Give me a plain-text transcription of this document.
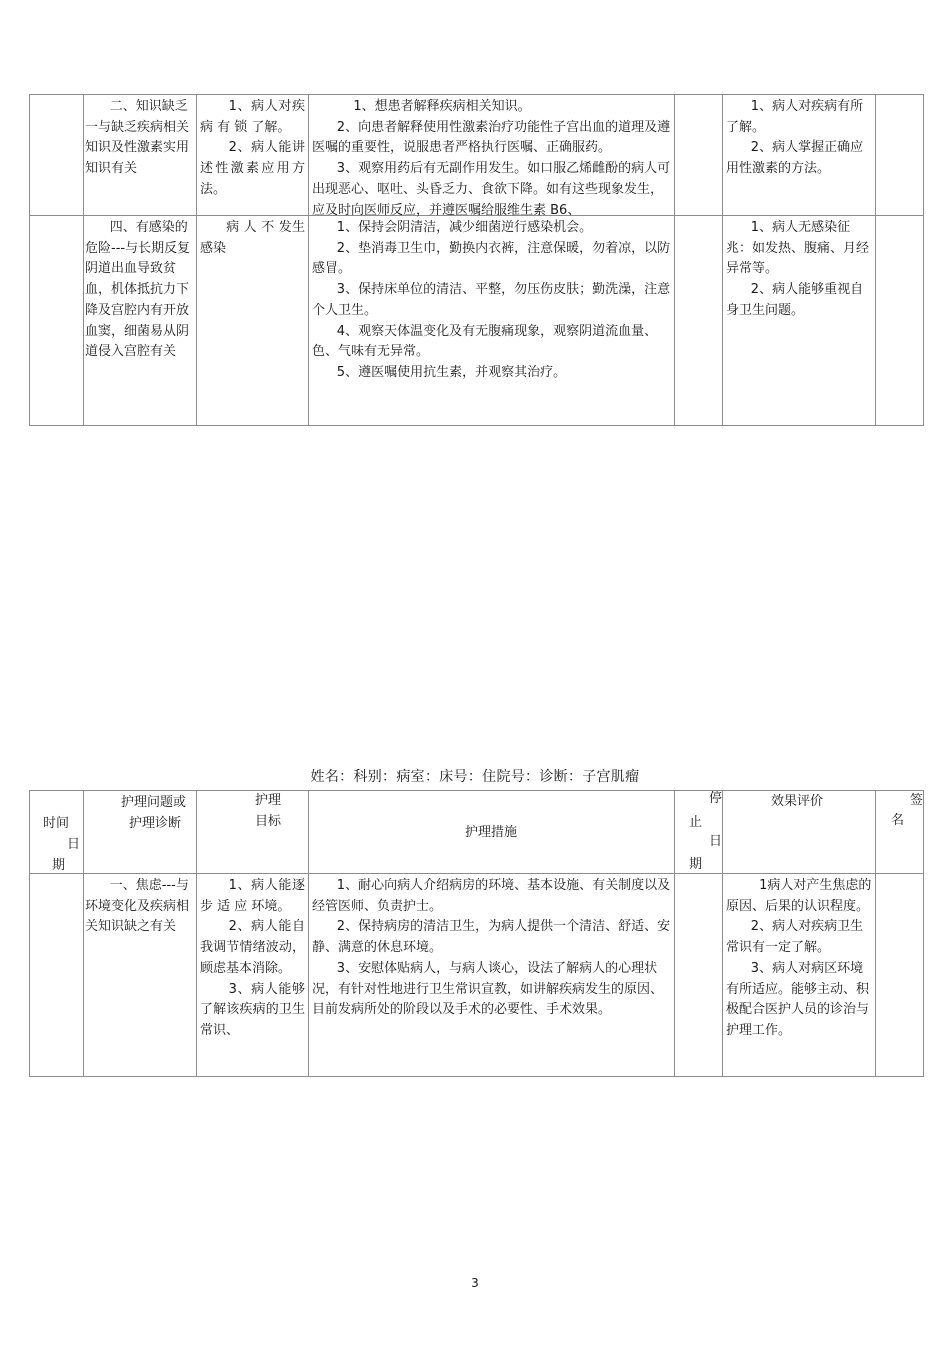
	二、知识缺乏一与缺乏疾病相关知识及性激素实用知识有关	1、病人对疾 病 有 锁 了解。
2、病人能讲述性激素应用方法。	1、想患者解释疾病相关知识。
2、向患者解释使用性激素治疗功能性子宫出血的道理及遵医嘱的重要性，说服患者严格执行医嘱、正确服药。
3、观察用药后有无副作用发生。如口服乙烯雌酚的病人可出现恶心、呕吐、头昏乏力、食欲下降。如有这些现象发生，应及时向医师反应，并遵医嘱给服维生素 B6、		1、病人对疾病有所了解。
2、病人掌握正确应用性激素的方法。	

	四、有感染的危险---与长期反复阴道出血导致贫血，机体抵抗力下降及宫腔内有开放血窦，细菌易从阴道侵入宫腔有关	病 人 不 发生感染	1、保持会阴清洁，减少细菌逆行感染机会。
2、垫消毒卫生巾，勤换内衣裤，注意保暖，勿着凉，以防感冒。
3、保持床单位的清洁、平整，勿压伤皮肤；勤洗澡，注意个人卫生。
4、观察天体温变化及有无腹痛现象，观察阴道流血量、色、气味有无异常。
5、遵医嘱使用抗生素，并观察其治疗。		1、病人无感染征兆：如发热、腹痛、月经异常等。
2、病人能够重视自身卫生问题。	

姓名：科别：病室：床号：住院号：诊断：子宫肌瘤
时间
日
期	护理问题或
护理诊断	护理
目标	护理措施	停
止
日
期	效果评价	签
名

	一、焦虑---与环境变化及疾病相关知识缺之有关	1、病人能逐 步 适 应 环境。
2、病人能自我调节情绪波动，顾虑基本消除。
3、病人能够了解该疾病的卫生常识、	1、耐心向病人介绍病房的环境、基本设施、有关制度以及经管医师、负责护士。
2、保持病房的清洁卫生，为病人提供一个清洁、舒适、安静、满意的休息环境。
3、安慰体贴病人，与病人谈心，设法了解病人的心理状况，有针对性地进行卫生常识宣教，如讲解疾病发生的原因、目前发病所处的阶段以及手术的必要性、手术效果。		1病人对产生焦虑的原因、后果的认识程度。
2、病人对疾病卫生常识有一定了解。
3、病人对病区环境有所适应。能够主动、积极配合医护人员的诊治与护理工作。	

3
